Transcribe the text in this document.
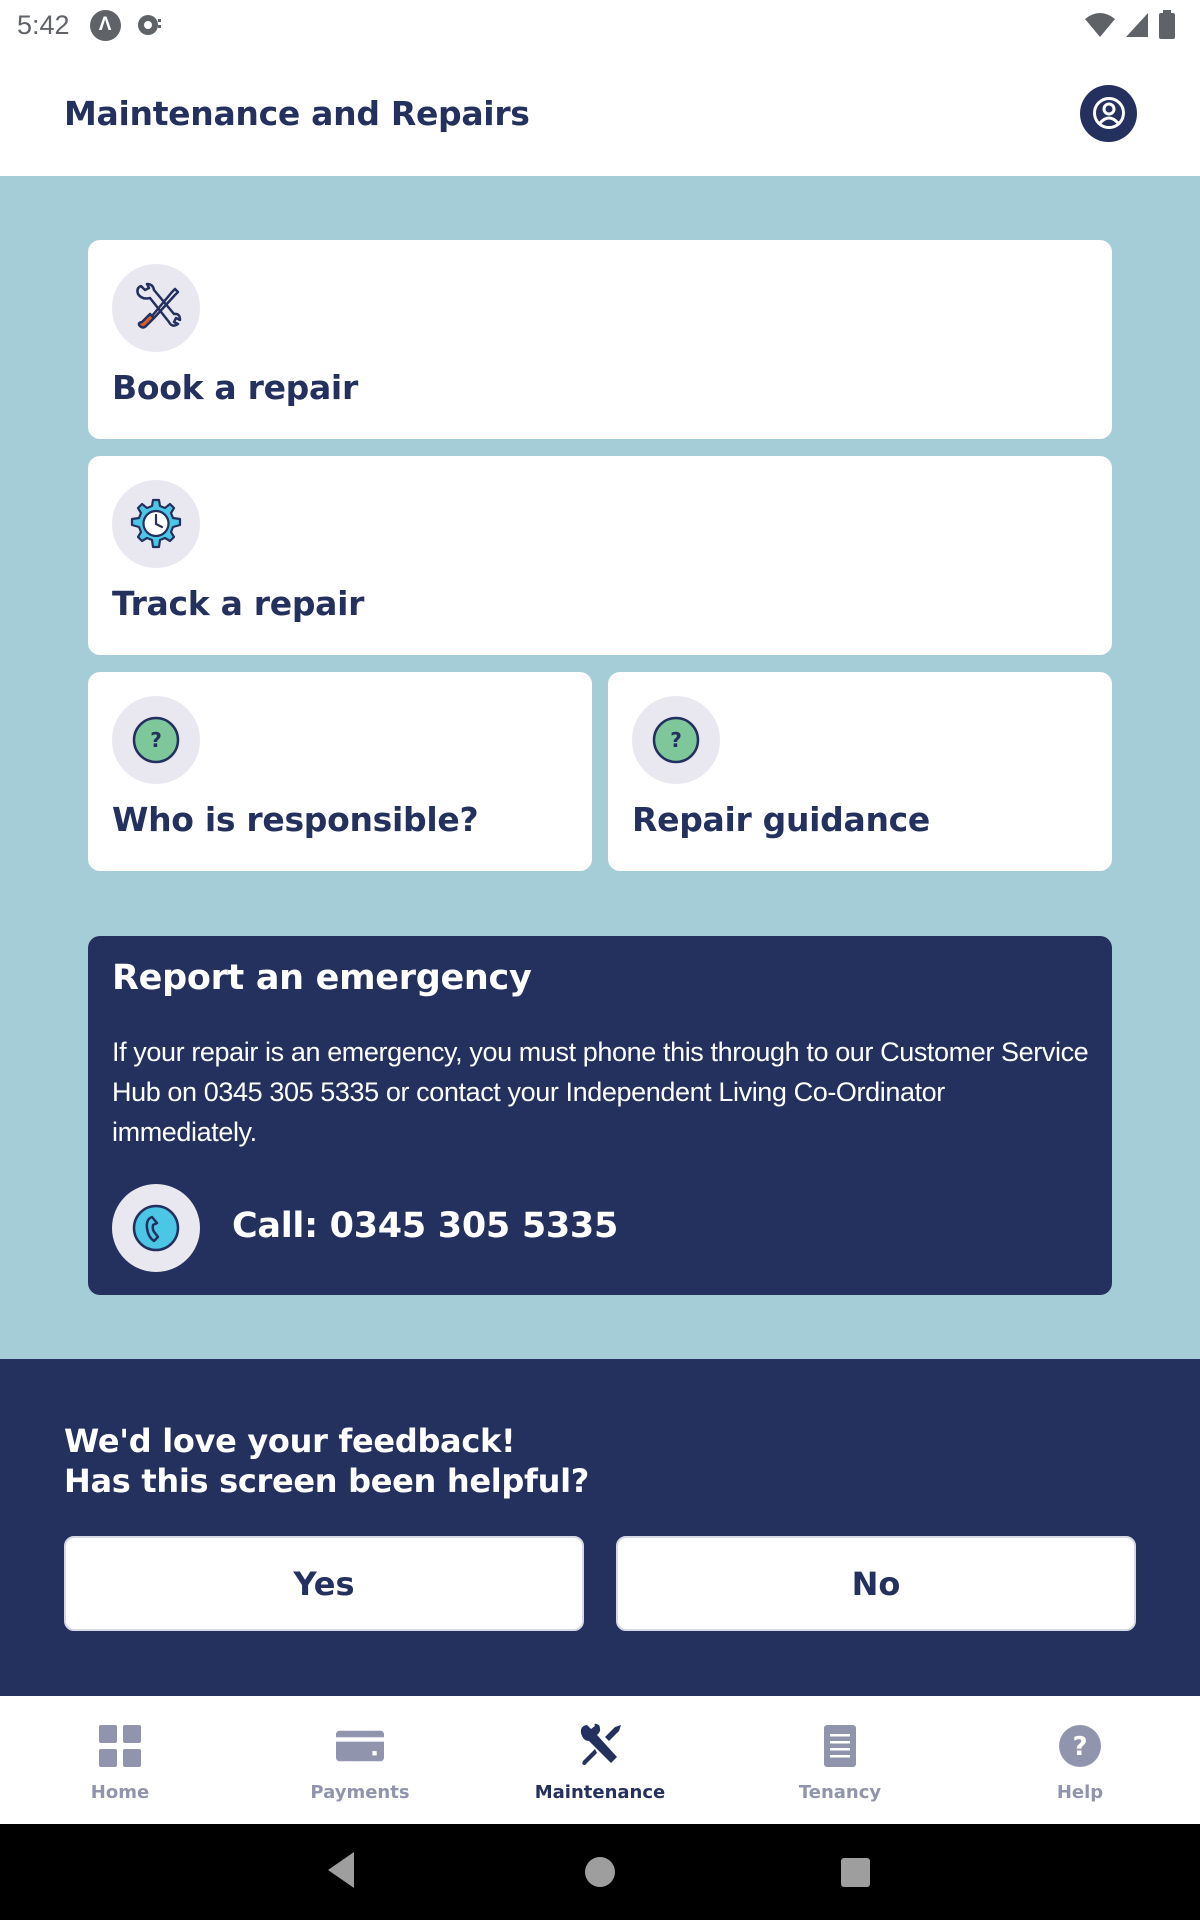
5:42	Λ
Maintenance and Repairs
Book a repair
Track a repair
?
Who is responsible?
?
Repair guidance
Report an emergency
If your repair is an emergency, you must phone this through to our Customer Service Hub on 0345 305 5335 or contact your Independent Living Co-Ordinator immediately.
Call: 0345 305 5335
We'd love your feedback!
Has this screen been helpful?
Yes	No
Home	Payments	Maintenance	Tenancy
?
Help
